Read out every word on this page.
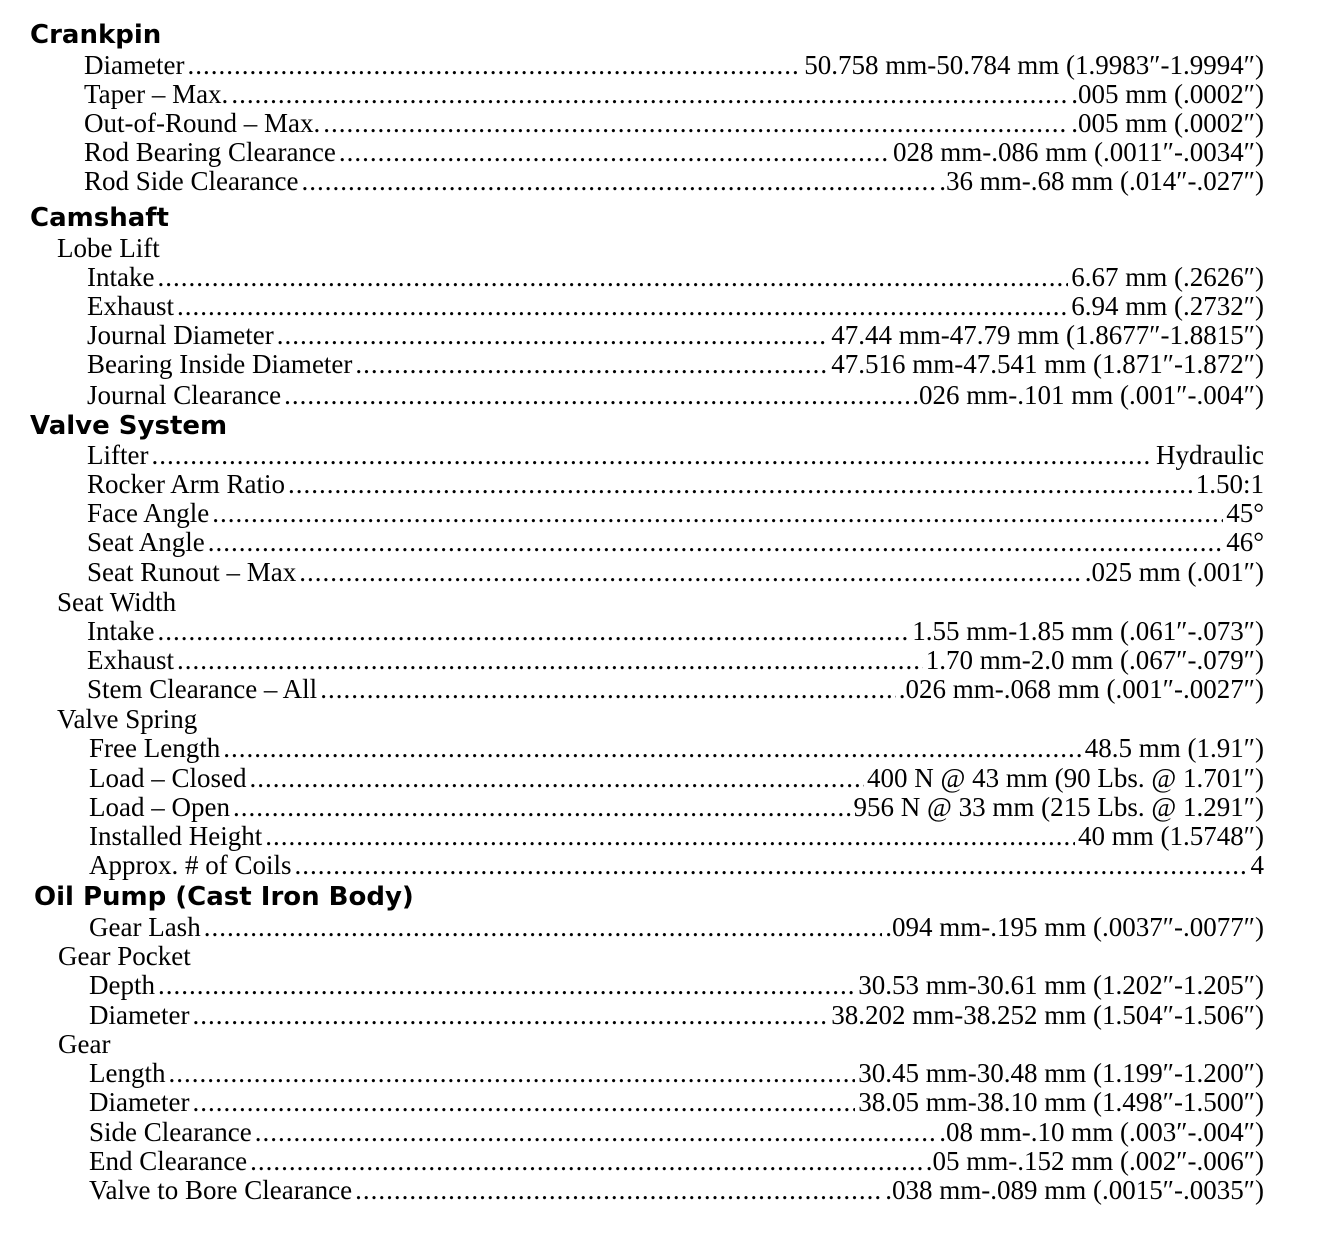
Crankpin
Diameter .....	50.758 mm-50.784 mm (1.9983″-1.9994″)
Taper – Max. .....	.005 mm (.0002″)
Out-of-Round – Max. .....	.005 mm (.0002″)
Rod Bearing Clearance .....	028 mm-.086 mm (.0011″-.0034″)
Rod Side Clearance .....	.36 mm-.68 mm (.014″-.027″)
Camshaft
Lobe Lift
Intake .....	6.67 mm (.2626″)
Exhaust .....	6.94 mm (.2732″)
Journal Diameter .....	47.44 mm-47.79 mm (1.8677″-1.8815″)
Bearing Inside Diameter .....	47.516 mm-47.541 mm (1.871″-1.872″)
Journal Clearance .....	.026 mm-.101 mm (.001″-.004″)
Valve System
Lifter .....	Hydraulic
Rocker Arm Ratio .....	1.50:1
Face Angle .....	45°
Seat Angle .....	46°
Seat Runout – Max .....	.025 mm (.001″)
Seat Width
Intake .....	1.55 mm-1.85 mm (.061″-.073″)
Exhaust .....	1.70 mm-2.0 mm (.067″-.079″)
Stem Clearance – All .....	.026 mm-.068 mm (.001″-.0027″)
Valve Spring
Free Length .....	48.5 mm (1.91″)
Load – Closed .....	400 N @ 43 mm (90 Lbs. @ 1.701″)
Load – Open .....	956 N @ 33 mm (215 Lbs. @ 1.291″)
Installed Height .....	40 mm (1.5748″)
Approx. # of Coils .....	4
Oil Pump (Cast Iron Body)
Gear Lash .....	.094 mm-.195 mm (.0037″-.0077″)
Gear Pocket
Depth .....	30.53 mm-30.61 mm (1.202″-1.205″)
Diameter .....	38.202 mm-38.252 mm (1.504″-1.506″)
Gear
Length .....	30.45 mm-30.48 mm (1.199″-1.200″)
Diameter .....	38.05 mm-38.10 mm (1.498″-1.500″)
Side Clearance .....	.08 mm-.10 mm (.003″-.004″)
End Clearance .....	.05 mm-.152 mm (.002″-.006″)
Valve to Bore Clearance .....	.038 mm-.089 mm (.0015″-.0035″)
